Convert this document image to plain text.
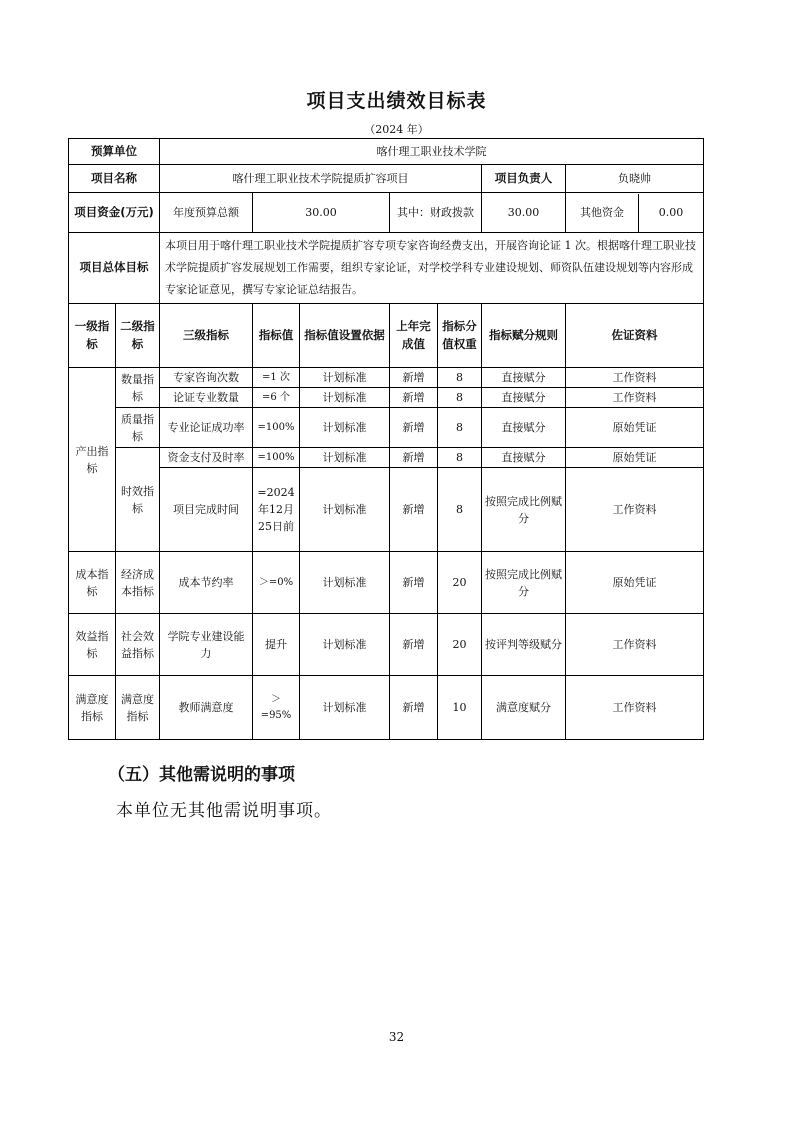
项目支出绩效目标表
（2024 年）
预算单位		喀什理工职业技术学院						
项目名称		喀什理工职业技术学院提质扩容项目					项目负责人	负晓帅
项目资金(万元)		年度预算总额	30.00		其中：财政拨款		30.00	其他资金 0.00

项目总体目标		本项目用于喀什理工职业技术学院提质扩容专项专家咨询经费支出，开展咨询论证 1 次。根据喀什理工职业技术学院提质扩容发展规划工作需要，组织专家论证，对学校学科专业建设规划、师资队伍建设规划等内容形成专家论证意见，撰写专家论证总结报告。						
一级指标	二级指标	三级指标	指标值	指标值设置依据	上年完成值	指标分值权重	指标赋分规则	佐证资料
产出指标	数量指标	专家咨询次数	=1 次	计划标准	新增	8	直接赋分	工作资料
		论证专业数量	=6 个	计划标准	新增	8	直接赋分	工作资料
	质量指标	专业论证成功率	=100%	计划标准	新增	8	直接赋分	原始凭证
	时效指标	资金支付及时率	=100%	计划标准	新增	8	直接赋分	原始凭证
		项目完成时间	=2024年12月25日前	计划标准	新增	8	按照完成比例赋分	工作资料
成本指标	经济成本指标	成本节约率	＞=0%	计划标准	新增	20	按照完成比例赋分	原始凭证
效益指标	社会效益指标	学院专业建设能力	提升	计划标准	新增	20	按评判等级赋分	工作资料
满意度指标	满意度指标	教师满意度	＞=95%	计划标准	新增	10	满意度赋分	工作资料
（五）其他需说明的事项
本单位无其他需说明事项。
32
